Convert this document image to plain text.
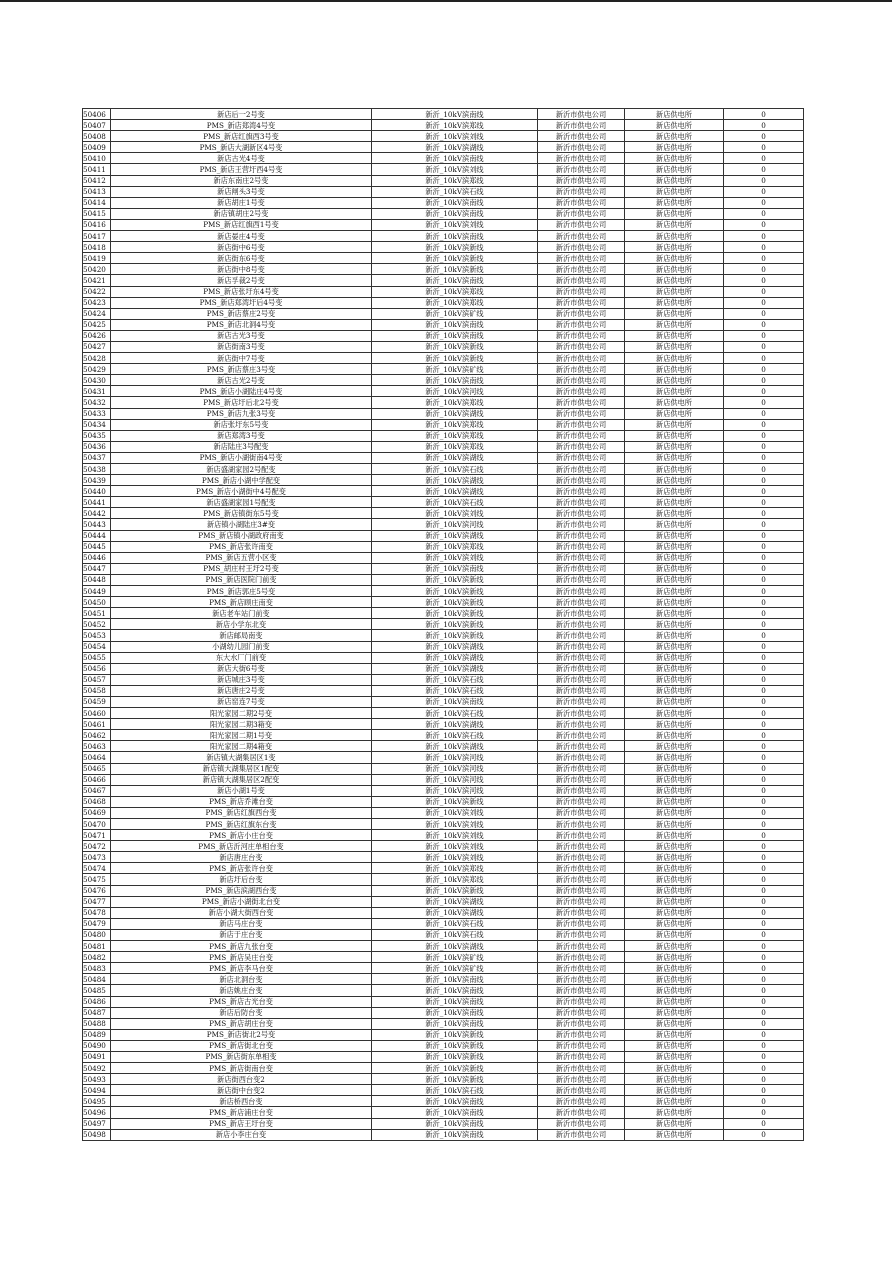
50406	新店后一2号变	新沂_10kV滨南线	新沂市供电公司	新店供电所	0
50407	PMS_新店郑湾4号变	新沂_10kV滨郑线	新沂市供电公司	新店供电所	0
50408	PMS_新店红旗西3号变	新沂_10kV滨刘线	新沂市供电公司	新店供电所	0
50409	PMS_新店大湖新区4号变	新沂_10kV滨湖线	新沂市供电公司	新店供电所	0
50410	新店古光4号变	新沂_10kV滨南线	新沂市供电公司	新店供电所	0
50411	PMS_新店王营圩西4号变	新沂_10kV滨刘线	新沂市供电公司	新店供电所	0
50412	新店东南庄2号变	新沂_10kV滨郑线	新沂市供电公司	新店供电所	0
50413	新店闸头3号变	新沂_10kV滨石线	新沂市供电公司	新店供电所	0
50414	新店胡庄1号变	新沂_10kV滨南线	新沂市供电公司	新店供电所	0
50415	新店镇胡庄2号变	新沂_10kV滨南线	新沂市供电公司	新店供电所	0
50416	PMS_新店红旗西1号变	新沂_10kV滨刘线	新沂市供电公司	新店供电所	0
50417	新店晏庄4号变	新沂_10kV滨南线	新沂市供电公司	新店供电所	0
50418	新店街中6号变	新沂_10kV滨新线	新沂市供电公司	新店供电所	0
50419	新店街东6号变	新沂_10kV滨新线	新沂市供电公司	新店供电所	0
50420	新店街中8号变	新沂_10kV滨新线	新沂市供电公司	新店供电所	0
50421	新店孚裁2号变	新沂_10kV滨南线	新沂市供电公司	新店供电所	0
50422	PMS_新店张圩东4号变	新沂_10kV滨郑线	新沂市供电公司	新店供电所	0
50423	PMS_新店郑湾圩后4号变	新沂_10kV滨郑线	新沂市供电公司	新店供电所	0
50424	PMS_新店蔡庄2号变	新沂_10kV滨矿线	新沂市供电公司	新店供电所	0
50425	PMS_新店北洞4号变	新沂_10kV滨南线	新沂市供电公司	新店供电所	0
50426	新店古光3号变	新沂_10kV滨南线	新沂市供电公司	新店供电所	0
50427	新店街南3号变	新沂_10kV滨新线	新沂市供电公司	新店供电所	0
50428	新店街中7号变	新沂_10kV滨新线	新沂市供电公司	新店供电所	0
50429	PMS_新店蔡庄3号变	新沂_10kV滨矿线	新沂市供电公司	新店供电所	0
50430	新店古光2号变	新沂_10kV滨南线	新沂市供电公司	新店供电所	0
50431	PMS_新店小湖陆庄4号变	新沂_10kV滨河线	新沂市供电公司	新店供电所	0
50432	PMS_新店圩后北2号变	新沂_10kV滨郑线	新沂市供电公司	新店供电所	0
50433	PMS_新店九张3号变	新沂_10kV滨湖线	新沂市供电公司	新店供电所	0
50434	新店张圩东5号变	新沂_10kV滨郑线	新沂市供电公司	新店供电所	0
50435	新店郑湾3号变	新沂_10kV滨郑线	新沂市供电公司	新店供电所	0
50436	新店陆庄3号配变	新沂_10kV滨郑线	新沂市供电公司	新店供电所	0
50437	PMS_新店小湖街南4号变	新沂_10kV滨湖线	新沂市供电公司	新店供电所	0
50438	新店盛湖家园2号配变	新沂_10kV滨石线	新沂市供电公司	新店供电所	0
50439	PMS_新店小湖中学配变	新沂_10kV滨湖线	新沂市供电公司	新店供电所	0
50440	PMS_新店小湖街中4号配变	新沂_10kV滨湖线	新沂市供电公司	新店供电所	0
50441	新店盛湖家园1号配变	新沂_10kV滨石线	新沂市供电公司	新店供电所	0
50442	PMS_新店镇街东5号变	新沂_10kV滨刘线	新沂市供电公司	新店供电所	0
50443	新店镇小湖陆庄3#变	新沂_10kV滨河线	新沂市供电公司	新店供电所	0
50444	PMS_新店镇小湖政府南变	新沂_10kV滨湖线	新沂市供电公司	新店供电所	0
50445	PMS_新店张许南变	新沂_10kV滨郑线	新沂市供电公司	新店供电所	0
50446	PMS_新店五营小区变	新沂_10kV滨刘线	新沂市供电公司	新店供电所	0
50447	PMS_胡庄村王圩2号变	新沂_10kV滨南线	新沂市供电公司	新店供电所	0
50448	PMS_新店医院门前变	新沂_10kV滨新线	新沂市供电公司	新店供电所	0
50449	PMS_新店郭庄5号变	新沂_10kV滨新线	新沂市供电公司	新店供电所	0
50450	PMS_新店顾庄南变	新沂_10kV滨新线	新沂市供电公司	新店供电所	0
50451	新店老车站门前变	新沂_10kV滨新线	新沂市供电公司	新店供电所	0
50452	新店小学东北变	新沂_10kV滨新线	新沂市供电公司	新店供电所	0
50453	新店邮局南变	新沂_10kV滨新线	新沂市供电公司	新店供电所	0
50454	小湖幼儿园门前变	新沂_10kV滨湖线	新沂市供电公司	新店供电所	0
50455	东大水厂门前变	新沂_10kV滨湖线	新沂市供电公司	新店供电所	0
50456	新店大街6号变	新沂_10kV滨湖线	新沂市供电公司	新店供电所	0
50457	新店城庄3号变	新沂_10kV滨石线	新沂市供电公司	新店供电所	0
50458	新店唐庄2号变	新沂_10kV滨石线	新沂市供电公司	新店供电所	0
50459	新店窑连7号变	新沂_10kV滨南线	新沂市供电公司	新店供电所	0
50460	阳光家园二期2号变	新沂_10kV滨石线	新沂市供电公司	新店供电所	0
50461	阳光家园二期3箱变	新沂_10kV滨湖线	新沂市供电公司	新店供电所	0
50462	阳光家园二期1号变	新沂_10kV滨石线	新沂市供电公司	新店供电所	0
50463	阳光家园二期4箱变	新沂_10kV滨湖线	新沂市供电公司	新店供电所	0
50464	新店镇大湖集居区1变	新沂_10kV滨河线	新沂市供电公司	新店供电所	0
50465	新店镇大湖集居区1配变	新沂_10kV滨河线	新沂市供电公司	新店供电所	0
50466	新店镇大湖集居区2配变	新沂_10kV滨河线	新沂市供电公司	新店供电所	0
50467	新店小湖1号变	新沂_10kV滨河线	新沂市供电公司	新店供电所	0
50468	PMS_新店乔滩台变	新沂_10kV滨新线	新沂市供电公司	新店供电所	0
50469	PMS_新店红旗西台变	新沂_10kV滨刘线	新沂市供电公司	新店供电所	0
50470	PMS_新店红旗东台变	新沂_10kV滨刘线	新沂市供电公司	新店供电所	0
50471	PMS_新店小庄台变	新沂_10kV滨刘线	新沂市供电公司	新店供电所	0
50472	PMS_新店沂河庄单相台变	新沂_10kV滨刘线	新沂市供电公司	新店供电所	0
50473	新店唐庄台变	新沂_10kV滨刘线	新沂市供电公司	新店供电所	0
50474	PMS_新店张许台变	新沂_10kV滨郑线	新沂市供电公司	新店供电所	0
50475	新店圩后台变	新沂_10kV滨郑线	新沂市供电公司	新店供电所	0
50476	PMS_新店滨湖西台变	新沂_10kV滨新线	新沂市供电公司	新店供电所	0
50477	PMS_新店小湖街北台变	新沂_10kV滨湖线	新沂市供电公司	新店供电所	0
50478	新店小湖大街西台变	新沂_10kV滨湖线	新沂市供电公司	新店供电所	0
50479	新店马庄台变	新沂_10kV滨石线	新沂市供电公司	新店供电所	0
50480	新店于庄台变	新沂_10kV滨石线	新沂市供电公司	新店供电所	0
50481	PMS_新店九张台变	新沂_10kV滨湖线	新沂市供电公司	新店供电所	0
50482	PMS_新店吴庄台变	新沂_10kV滨矿线	新沂市供电公司	新店供电所	0
50483	PMS_新店李马台变	新沂_10kV滨矿线	新沂市供电公司	新店供电所	0
50484	新店北洞台变	新沂_10kV滨南线	新沂市供电公司	新店供电所	0
50485	新店姚庄台变	新沂_10kV滨南线	新沂市供电公司	新店供电所	0
50486	PMS_新店古光台变	新沂_10kV滨南线	新沂市供电公司	新店供电所	0
50487	新店后防台变	新沂_10kV滨南线	新沂市供电公司	新店供电所	0
50488	PMS_新店胡庄台变	新沂_10kV滨南线	新沂市供电公司	新店供电所	0
50489	PMS_新店街北2号变	新沂_10kV滨新线	新沂市供电公司	新店供电所	0
50490	PMS_新店街北台变	新沂_10kV滨新线	新沂市供电公司	新店供电所	0
50491	PMS_新店街东单相变	新沂_10kV滨新线	新沂市供电公司	新店供电所	0
50492	PMS_新店街南台变	新沂_10kV滨新线	新沂市供电公司	新店供电所	0
50493	新店街西台变2	新沂_10kV滨新线	新沂市供电公司	新店供电所	0
50494	新店街中台变2	新沂_10kV滨石线	新沂市供电公司	新店供电所	0
50495	新店桥西台变	新沂_10kV滨南线	新沂市供电公司	新店供电所	0
50496	PMS_新店浦庄台变	新沂_10kV滨南线	新沂市供电公司	新店供电所	0
50497	PMS_新店王圩台变	新沂_10kV滨南线	新沂市供电公司	新店供电所	0
50498	新店小李庄台变	新沂_10kV滨南线	新沂市供电公司	新店供电所	0
